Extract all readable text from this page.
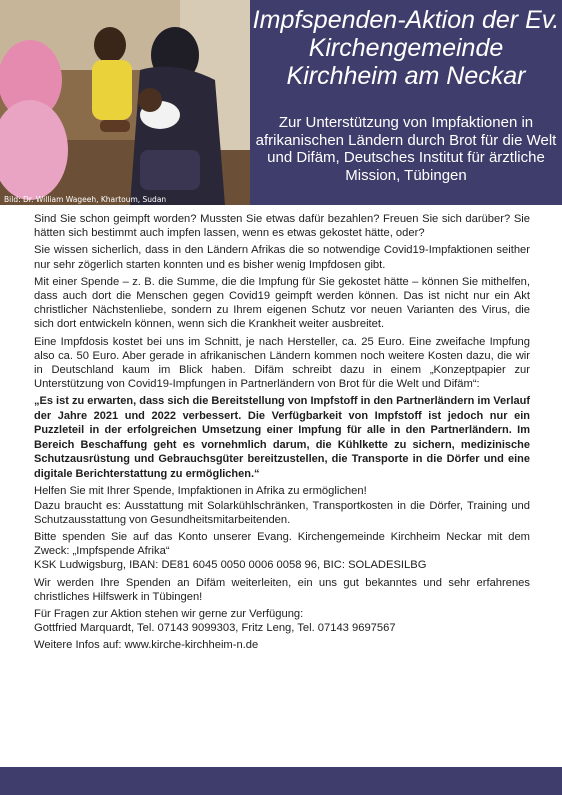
Bild: Dr. William Wageeh, Khartoum, Sudan
Impfspenden-Aktion der Ev. Kirchengemeinde Kirchheim am Neckar

Zur Unterstützung von Impfaktionen in afrikanischen Ländern durch Brot für die Welt und Difäm, Deutsches Institut für ärztliche Mission, Tübingen

Sind Sie schon geimpft worden? Mussten Sie etwas dafür bezahlen? Freuen Sie sich darüber? Sie hätten sich bestimmt auch impfen lassen, wenn es etwas gekostet hätte, oder?

Sie wissen sicherlich, dass in den Ländern Afrikas die so notwendige Covid19-Impfaktionen seither nur sehr zögerlich starten konnten und es bisher wenig Impfdosen gibt.

Mit einer Spende – z. B. die Summe, die die Impfung für Sie gekostet hätte – können Sie mithelfen, dass auch dort die Menschen gegen Covid19 geimpft werden können. Das ist nicht nur ein Akt christlicher Nächstenliebe, sondern zu Ihrem eigenen Schutz vor neuen Varianten des Virus, die sich dort entwickeln können, wenn sich die Krankheit weiter ausbreitet.

Eine Impfdosis kostet bei uns im Schnitt, je nach Hersteller, ca. 25 Euro. Eine zweifache Impfung also ca. 50 Euro. Aber gerade in afrikanischen Ländern kommen noch weitere Kosten dazu, die wir in Deutschland kaum im Blick haben. Difäm schreibt dazu in einem „Konzeptpapier zur Unterstützung von Covid19-Impfungen in Partnerländern von Brot für die Welt und Difäm“:

„Es ist zu erwarten, dass sich die Bereitstellung von Impfstoff in den Partnerländern im Verlauf der Jahre 2021 und 2022 verbessert. Die Verfügbarkeit von Impfstoff ist jedoch nur ein Puzzleteil in der erfolgreichen Umsetzung einer Impfung für alle in den Partnerländern. Im Bereich Beschaffung geht es vornehmlich darum, die Kühlkette zu sichern, medizinische Schutzausrüstung und Gebrauchsgüter bereitzustellen, die Transporte in die Dörfer und eine digitale Berichterstattung zu ermöglichen.“

Helfen Sie mit Ihrer Spende, Impfaktionen in Afrika zu ermöglichen!
Dazu braucht es: Ausstattung mit Solarkühlschränken, Transportkosten in die Dörfer, Training und Schutzausstattung von Gesundheitsmitarbeitenden.

Bitte spenden Sie auf das Konto unserer Evang. Kirchengemeinde Kirchheim Neckar mit dem Zweck: „Impfspende Afrika“
KSK Ludwigsburg, IBAN: DE81 6045 0050 0006 0058 96, BIC: SOLADESILBG

Wir werden Ihre Spenden an Difäm weiterleiten, ein uns gut bekanntes und sehr erfahrenes christliches Hilfswerk in Tübingen!

Für Fragen zur Aktion stehen wir gerne zur Verfügung:
Gottfried Marquardt, Tel. 07143 9099303, Fritz Leng, Tel. 07143 9697567

Weitere Infos auf: www.kirche-kirchheim-n.de
